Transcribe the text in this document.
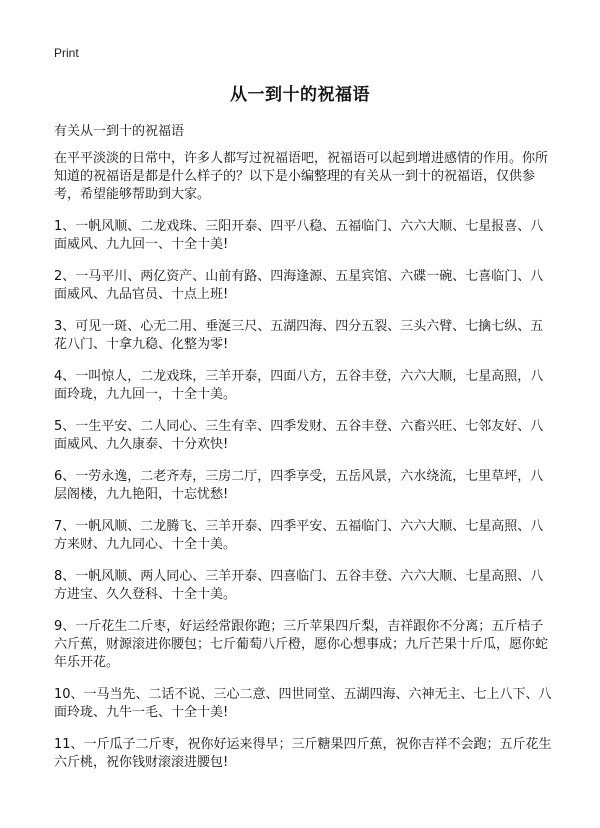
Print
从一到十的祝福语
有关从一到十的祝福语

在平平淡淡的日常中，许多人都写过祝福语吧，祝福语可以起到增进感情的作用。你所知道的祝福语是都是什么样子的？以下是小编整理的有关从一到十的祝福语，仅供参考，希望能够帮助到大家。

1、一帆风顺、二龙戏珠、三阳开泰、四平八稳、五福临门、六六大顺、七星报喜、八面威风、九九回一、十全十美!
2、一马平川、两亿资产、山前有路、四海逢源、五星宾馆、六碟一碗、七喜临门、八面威风、九品官员、十点上班!
3、可见一斑、心无二用、垂涎三尺、五湖四海、四分五裂、三头六臂、七擒七纵、五花八门、十拿九稳、化整为零!
4、一叫惊人，二龙戏珠，三羊开泰，四面八方，五谷丰登，六六大顺，七星高照，八面玲珑，九九回一，十全十美。
5、一生平安、二人同心、三生有幸、四季发财、五谷丰登、六畜兴旺、七邻友好、八面威风、九久康泰、十分欢快!
6、一劳永逸，二老齐寿，三房二厅，四季享受，五岳风景，六水绕流，七里草坪，八层阁楼，九九艳阳，十忘忧愁!
7、一帆风顺、二龙腾飞、三羊开泰、四季平安、五福临门、六六大顺、七星高照、八方来财、九九同心、十全十美。
8、一帆风顺、两人同心、三羊开泰、四喜临门、五谷丰登、六六大顺、七星高照、八方进宝、久久登科、十全十美。
9、一斤花生二斤枣，好运经常跟你跑；三斤苹果四斤梨，吉祥跟你不分离；五斤桔子六斤蕉，财源滚进你腰包；七斤葡萄八斤橙，愿你心想事成；九斤芒果十斤瓜，愿你蛇年乐开花。
10、一马当先、二话不说、三心二意、四世同堂、五湖四海、六神无主、七上八下、八面玲珑、九牛一毛、十全十美!
11、一斤瓜子二斤枣，祝你好运来得早；三斤糖果四斤蕉，祝你吉祥不会跑；五斤花生六斤桃，祝你钱财滚滚进腰包!
